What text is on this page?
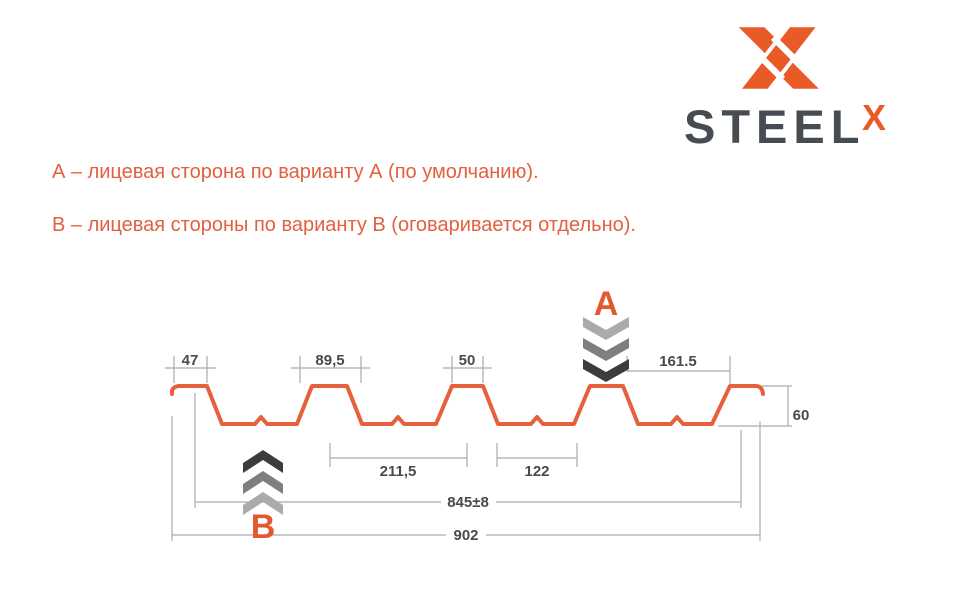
STEEL
X
А – лицевая сторона по варианту А (по умолчанию).
В – лицевая стороны по варианту В (оговаривается отдельно).
47	89,5	50	161.5
60
211,5	122
845±8
902
A
B
